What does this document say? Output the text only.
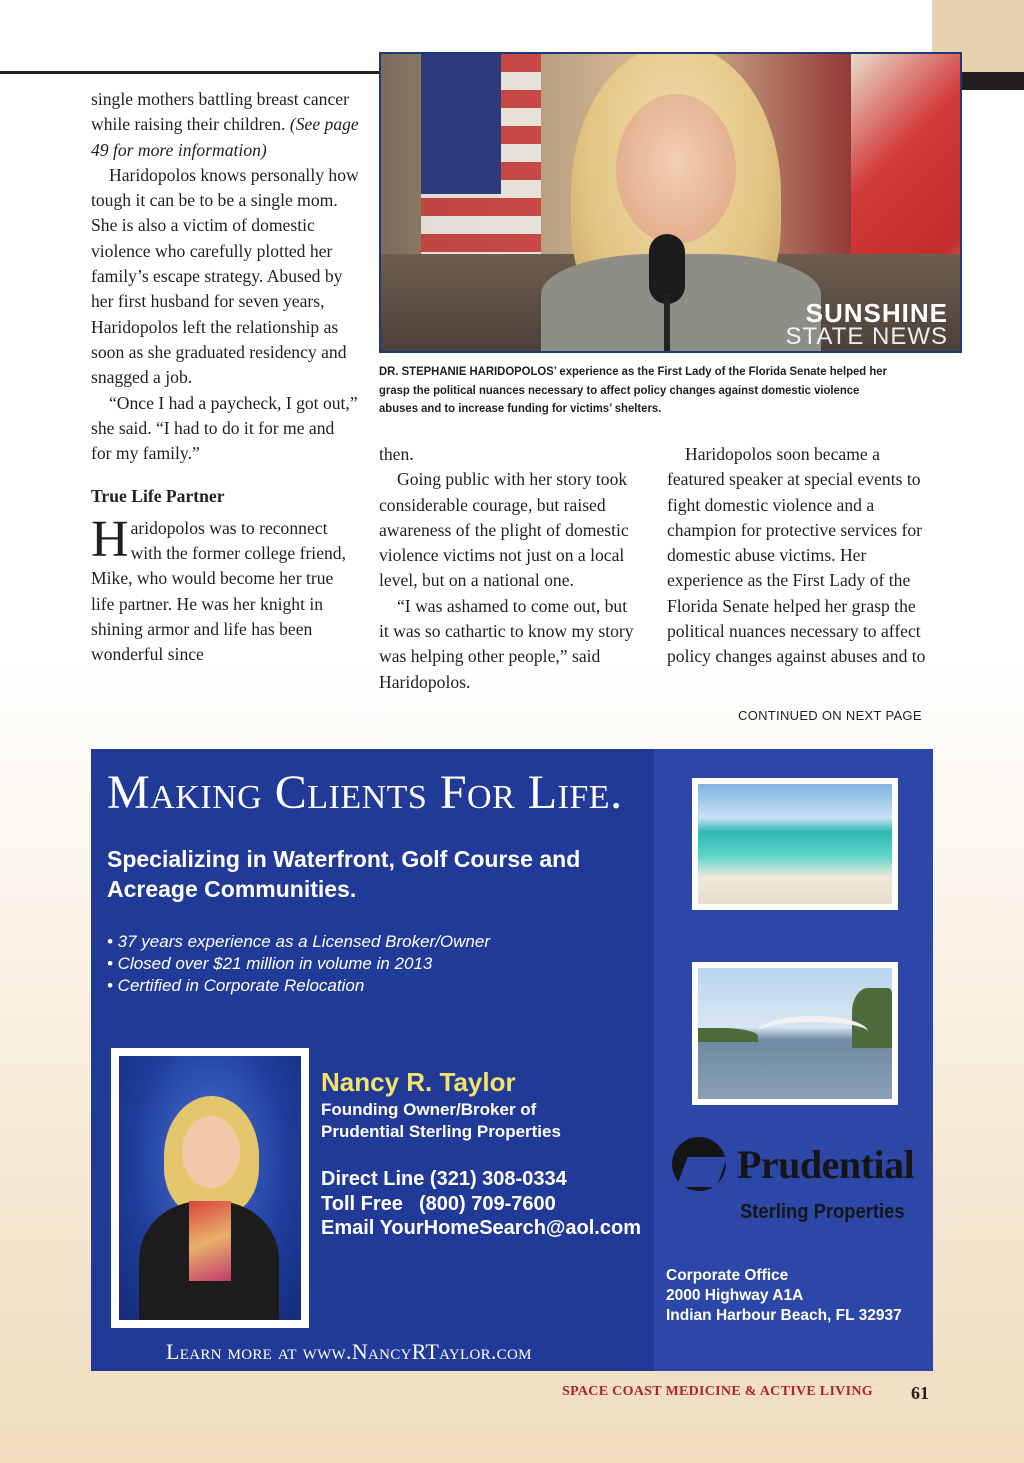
single mothers battling breast cancer while raising their children. (See page 49 for more information)

Haridopolos knows personally how tough it can be to be a single mom. She is also a victim of domestic violence who carefully plotted her family’s escape strategy. Abused by her first husband for seven years, Haridopolos left the relationship as soon as she graduated residency and snagged a job.

“Once I had a paycheck, I got out,” she said. “I had to do it for me and for my family.”

True Life Partner

Haridopolos was to reconnect with the former college friend, Mike, who would become her true life partner. He was her knight in shining armor and life has been wonderful since

then.

Going public with her story took considerable courage, but raised awareness of the plight of domestic violence victims not just on a local level, but on a national one.

“I was ashamed to come out, but it was so cathartic to know my story was helping other people,” said Haridopolos.

Haridopolos soon became a featured speaker at special events to fight domestic violence and a champion for protective services for domestic abuse victims. Her experience as the First Lady of the Florida Senate helped her grasp the political nuances necessary to affect policy changes against abuses and to

CONTINUED ON NEXT PAGE
SUNSHINE
STATE NEWS
DR. STEPHANIE HARIDOPOLOS’ experience as the First Lady of the Florida Senate helped her grasp the political nuances necessary to affect policy changes against domestic violence abuses and to increase funding for victims’ shelters.
Making Clients For Life.
Specializing in Waterfront, Golf Course and Acreage Communities.
• 37 years experience as a Licensed Broker/Owner
• Closed over $21 million in volume in 2013
• Certified in Corporate Relocation
Nancy R. Taylor
Founding Owner/Broker of
Prudential Sterling Properties
Direct Line (321) 308-0334
Toll Free (800) 709-7600
Email YourHomeSearch@aol.com
Learn more at www.NancyRTaylor.com
Prudential
Sterling Properties
Corporate Office
2000 Highway A1A
Indian Harbour Beach, FL 32937
SPACE COAST MEDICINE & ACTIVE LIVING 61
